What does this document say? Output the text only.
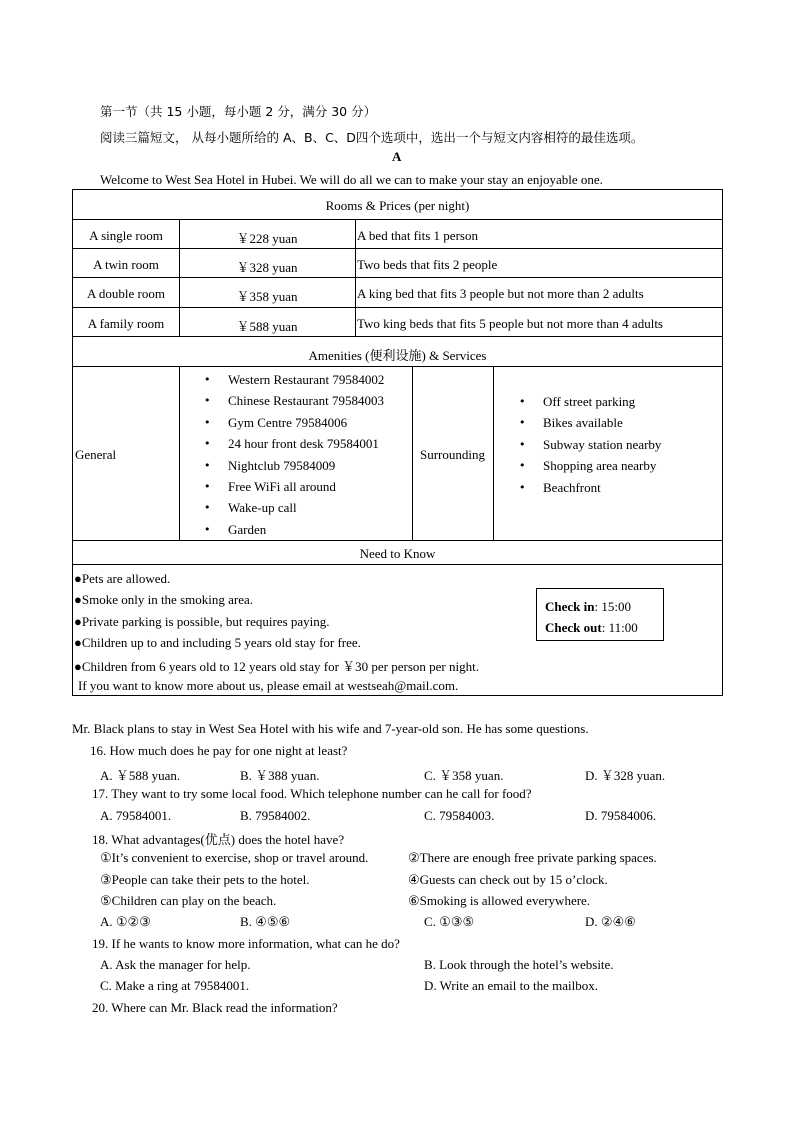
第一节（共 15 小题，每小题 2 分，满分 30 分）
阅读三篇短文， 从每小题所给的 A、B、C、D四个选项中，选出一个与短文内容相符的最佳选项。
A
Welcome to West Sea Hotel in Hubei. We will do all we can to make your stay an enjoyable one.
Rooms & Prices (per night)
A single room	￥228 yuan	A bed that fits 1 person
A twin room	￥328 yuan	Two beds that fits 2 people
A double room	￥358 yuan	A king bed that fits 3 people but not more than 2 adults
A family room	￥588 yuan	Two king beds that fits 5 people but not more than 4 adults
Amenities (便利设施) & Services
General
• Western Restaurant 79584002
• Chinese Restaurant 79584003
• Gym Centre 79584006
• 24 hour front desk 79584001
• Nightclub 79584009
• Free WiFi all around
• Wake-up call
• Garden
Surrounding
• Off street parking
• Bikes available
• Subway station nearby
• Shopping area nearby
• Beachfront
Need to Know
●Pets are allowed.
●Smoke only in the smoking area.
●Private parking is possible, but requires paying.
●Children up to and including 5 years old stay for free.
●Children from 6 years old to 12 years old stay for ￥30 per person per night.
If you want to know more about us, please email at westseah@mail.com.
Check in: 15:00
Check out: 11:00
Mr. Black plans to stay in West Sea Hotel with his wife and 7-year-old son. He has some questions.
16. How much does he pay for one night at least?
A. ￥588 yuan.	B. ￥388 yuan.	C. ￥358 yuan.	D. ￥328 yuan.
17. They want to try some local food. Which telephone number can he call for food?
A. 79584001.	B. 79584002.	C. 79584003.	D. 79584006.
18. What advantages(优点) does the hotel have?
①It’s convenient to exercise, shop or travel around.	②There are enough free private parking spaces.
③People can take their pets to the hotel.	④Guests can check out by 15 o’clock.
⑤Children can play on the beach.	⑥Smoking is allowed everywhere.
A. ①②③	B. ④⑤⑥	C. ①③⑤	D. ②④⑥
19. If he wants to know more information, what can he do?
A. Ask the manager for help.	B. Look through the hotel’s website.
C. Make a ring at 79584001.	D. Write an email to the mailbox.
20. Where can Mr. Black read the information?
